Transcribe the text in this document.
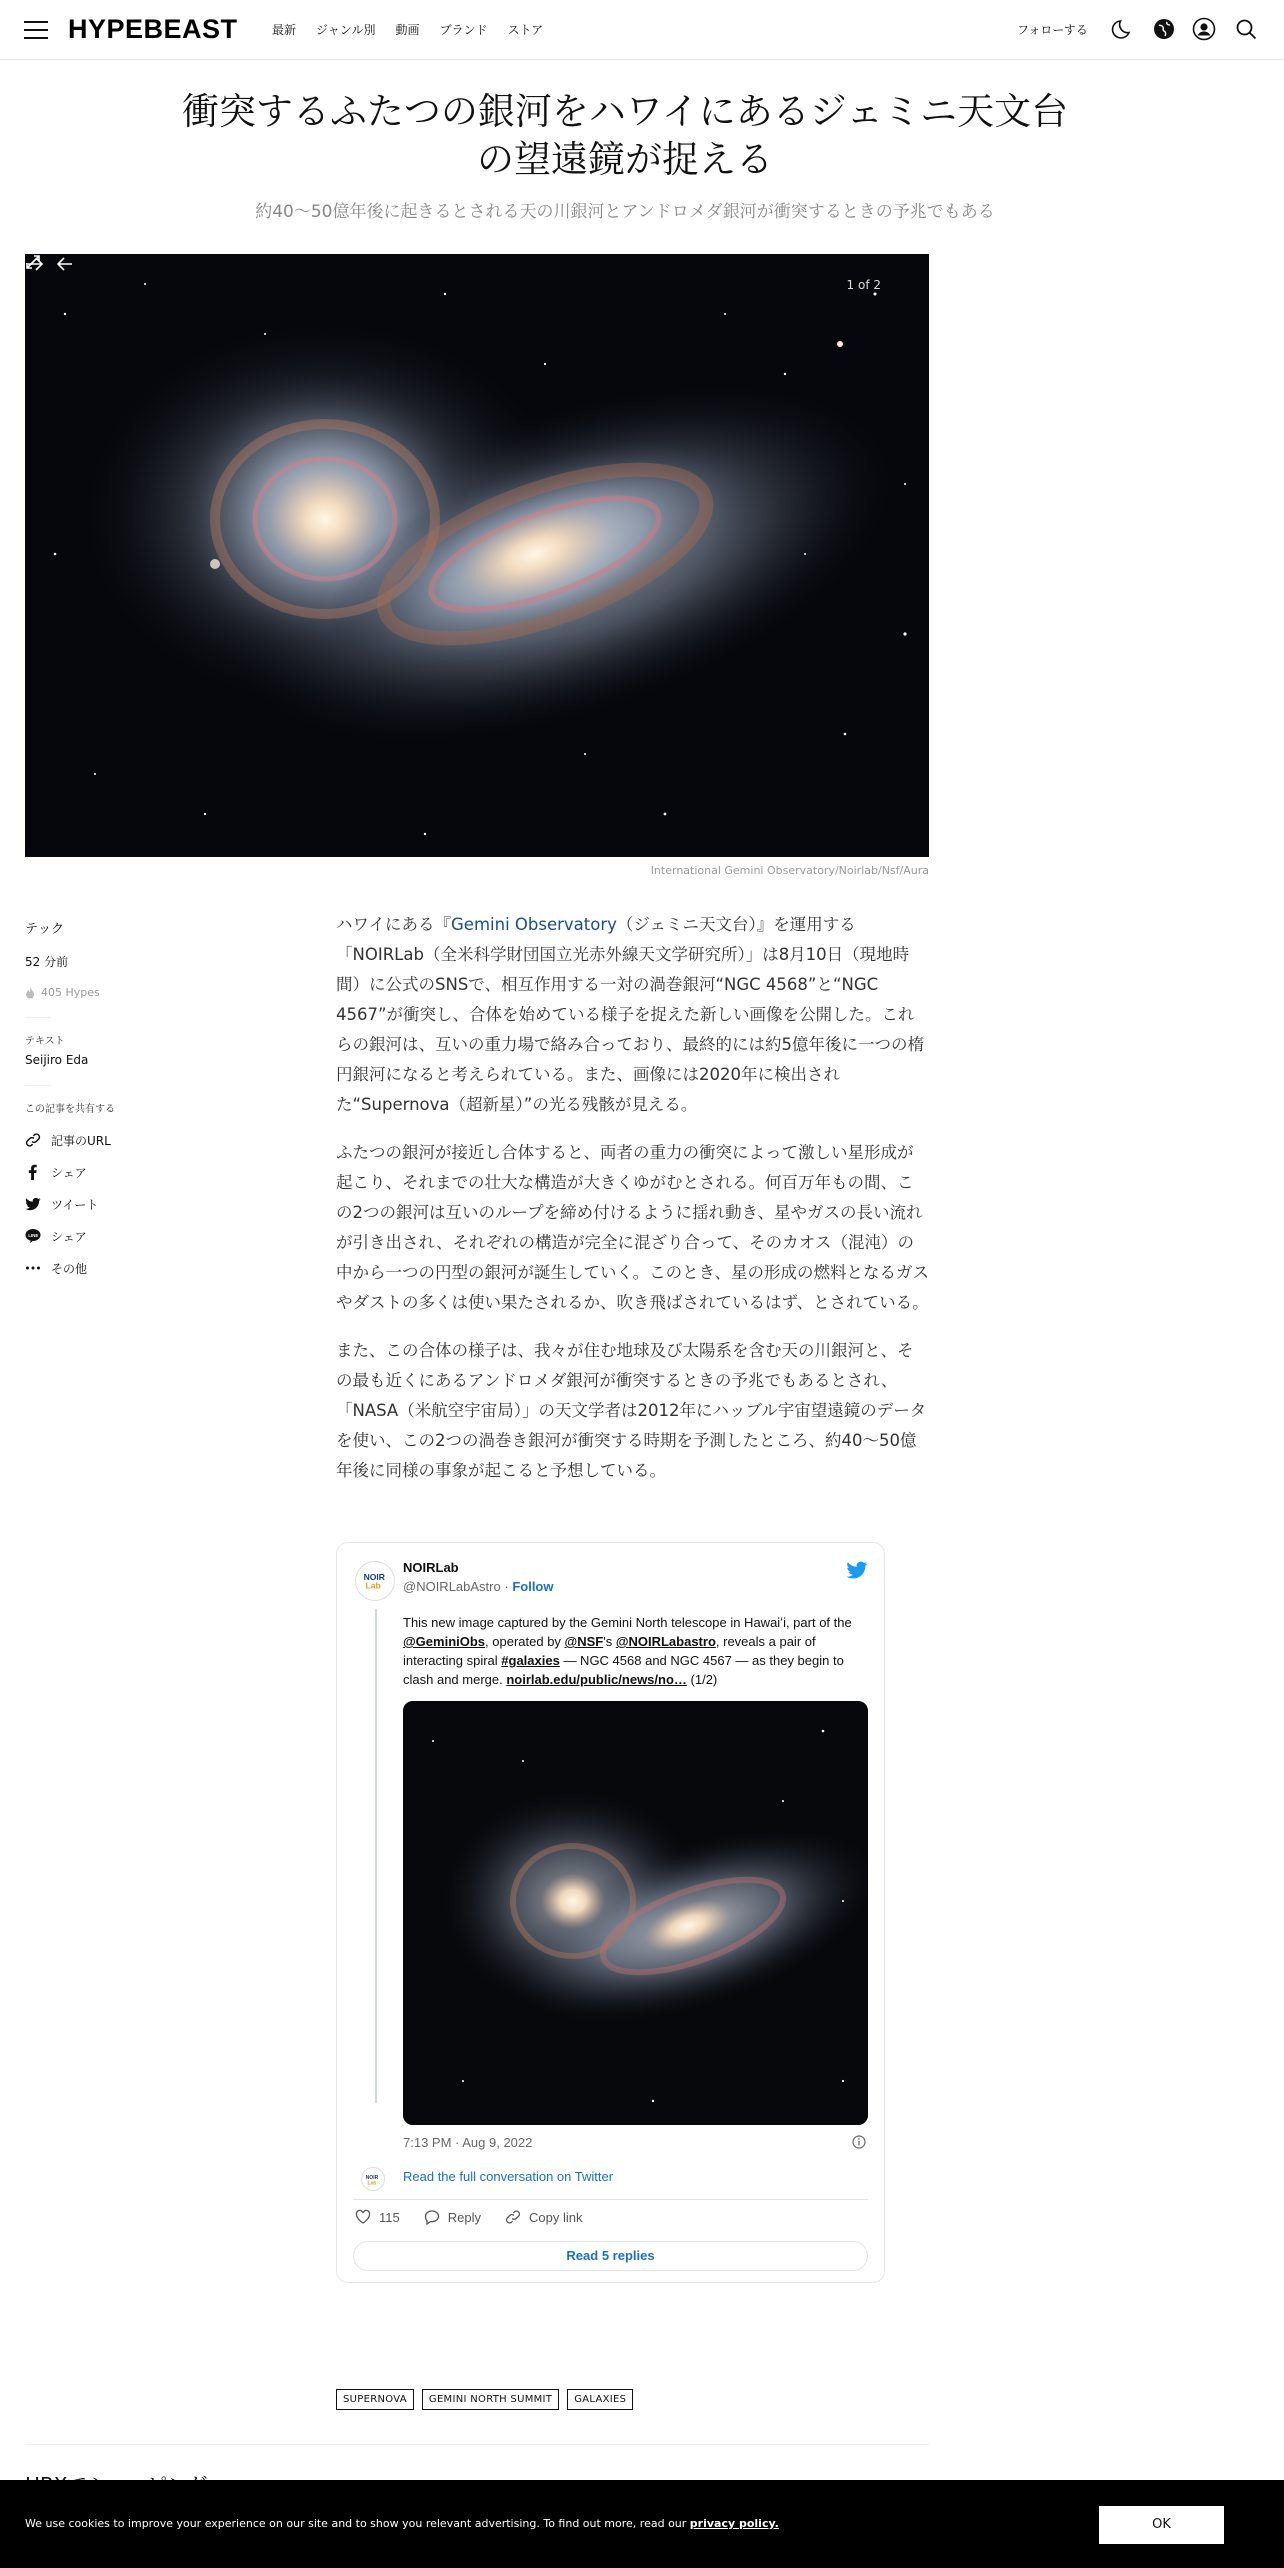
HYPEBEAST	最新 ジャンル別 動画 ブランド ストア	フォローする
衝突するふたつの銀河をハワイにあるジェミニ天文台
の望遠鏡が捉える
約40〜50億年後に起きるとされる天の川銀河とアンドロメダ銀河が衝突するときの予兆でもある
1 of 2
International Gemini Observatory/Noirlab/Nsf/Aura
テック
52 分前
405 Hypes
テキスト
Seijiro Eda
この記事を共有する
記事のURL
シェア
ツイート
LINE シェア
その他

ハワイにある『Gemini Observatory（ジェミニ天文台）』を運用する「NOIRLab（全米科学財団国立光赤外線天文学研究所）」は8月10日（現地時間）に公式のSNSで、相互作用する一対の渦巻銀河“NGC 4568”と“NGC 4567”が衝突し、合体を始めている様子を捉えた新しい画像を公開した。これらの銀河は、互いの重力場で絡み合っており、最終的には約5億年後に一つの楕円銀河になると考えられている。また、画像には2020年に検出された“Supernova（超新星）”の光る残骸が見える。

ふたつの銀河が接近し合体すると、両者の重力の衝突によって激しい星形成が起こり、それまでの壮大な構造が大きくゆがむとされる。何百万年もの間、この2つの銀河は互いのループを締め付けるように揺れ動き、星やガスの長い流れが引き出され、それぞれの構造が完全に混ざり合って、そのカオス（混沌）の中から一つの円型の銀河が誕生していく。このとき、星の形成の燃料となるガスやダストの多くは使い果たされるか、吹き飛ばされているはず、とされている。

また、この合体の様子は、我々が住む地球及び太陽系を含む天の川銀河と、その最も近くにあるアンドロメダ銀河が衝突するときの予兆でもあるとされ、「NASA（米航空宇宙局）」の天文学者は2012年にハッブル宇宙望遠鏡のデータを使い、この2つの渦巻き銀河が衝突する時期を予測したところ、約40〜50億年後に同様の事象が起こると予想している。

NOIR
Lab
NOIRLab
@NOIRLabAstro · Follow
This new image captured by the Gemini North telescope in Hawaiʻi, part of the @GeminiObs, operated by @NSF's @NOIRLabastro, reveals a pair of interacting spiral #galaxies — NGC 4568 and NGC 4567 — as they begin to clash and merge. noirlab.edu/public/news/no… (1/2)
7:13 PM · Aug 9, 2022
NOIR
Lab Read the full conversation on Twitter
115	Reply	Copy link
Read 5 replies
SUPERNOVA	GEMINI NORTH SUMMIT	GALAXIES
We use cookies to improve your experience on our site and to show you relevant advertising. To find out more, read our privacy policy.	OK
